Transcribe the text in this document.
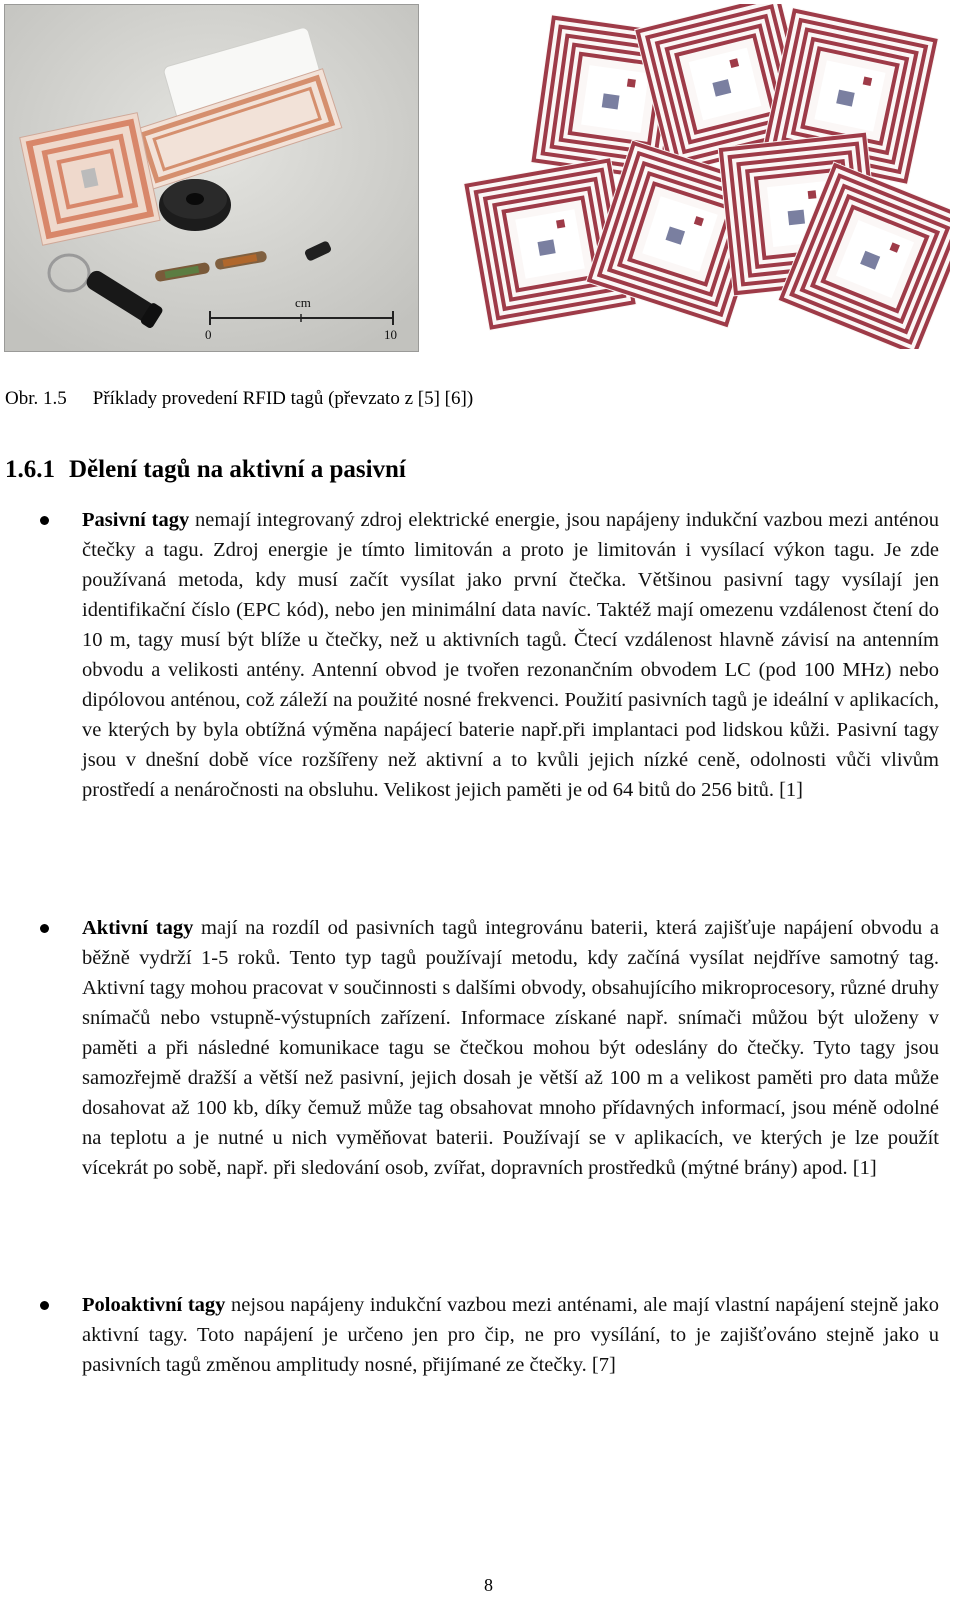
cm
0	10
Obr. 1.5 Příklady provedení RFID tagů (převzato z [5] [6])
1.6.1 Dělení tagů na aktivní a pasivní
Pasivní tagy nemají integrovaný zdroj elektrické energie, jsou napájeny indukční vazbou mezi anténou čtečky a tagu. Zdroj energie je tímto limitován a proto je limitován i vysílací výkon tagu. Je zde používaná metoda, kdy musí začít vysílat jako první čtečka. Většinou pasivní tagy vysílají jen identifikační číslo (EPC kód), nebo jen minimální data navíc. Taktéž mají omezenu vzdálenost čtení do 10 m, tagy musí být blíže u čtečky, než u aktivních tagů. Čtecí vzdálenost hlavně závisí na antenním obvodu a velikosti antény. Antenní obvod je tvořen rezonančním obvodem LC (pod 100 MHz) nebo dipólovou anténou, což záleží na použité nosné frekvenci. Použití pasivních tagů je ideální v aplikacích, ve kterých by byla obtížná výměna napájecí baterie např.při implantaci pod lidskou kůži. Pasivní tagy jsou v dnešní době více rozšířeny než aktivní a to kvůli jejich nízké ceně, odolnosti vůči vlivům prostředí a nenáročnosti na obsluhu. Velikost jejich paměti je od 64 bitů do 256 bitů. [1]
Aktivní tagy mají na rozdíl od pasivních tagů integrovánu baterii, která zajišťuje napájení obvodu a běžně vydrží 1-5 roků. Tento typ tagů používají metodu, kdy začíná vysílat nejdříve samotný tag. Aktivní tagy mohou pracovat v součinnosti s dalšími obvody, obsahujícího mikroprocesory, různé druhy snímačů nebo vstupně-výstupních zařízení. Informace získané např. snímači můžou být uloženy v paměti a při následné komunikace tagu se čtečkou mohou být odeslány do čtečky. Tyto tagy jsou samozřejmě dražší a větší než pasivní, jejich dosah je větší až 100 m a velikost paměti pro data může dosahovat až 100 kb, díky čemuž může tag obsahovat mnoho přídavných informací, jsou méně odolné na teplotu a je nutné u nich vyměňovat baterii. Používají se v aplikacích, ve kterých je lze použít vícekrát po sobě, např. při sledování osob, zvířat, dopravních prostředků (mýtné brány) apod. [1]
Poloaktivní tagy nejsou napájeny indukční vazbou mezi anténami, ale mají vlastní napájení stejně jako aktivní tagy. Toto napájení je určeno jen pro čip, ne pro vysílání, to je zajišťováno stejně jako u pasivních tagů změnou amplitudy nosné, přijímané ze čtečky. [7]
8
